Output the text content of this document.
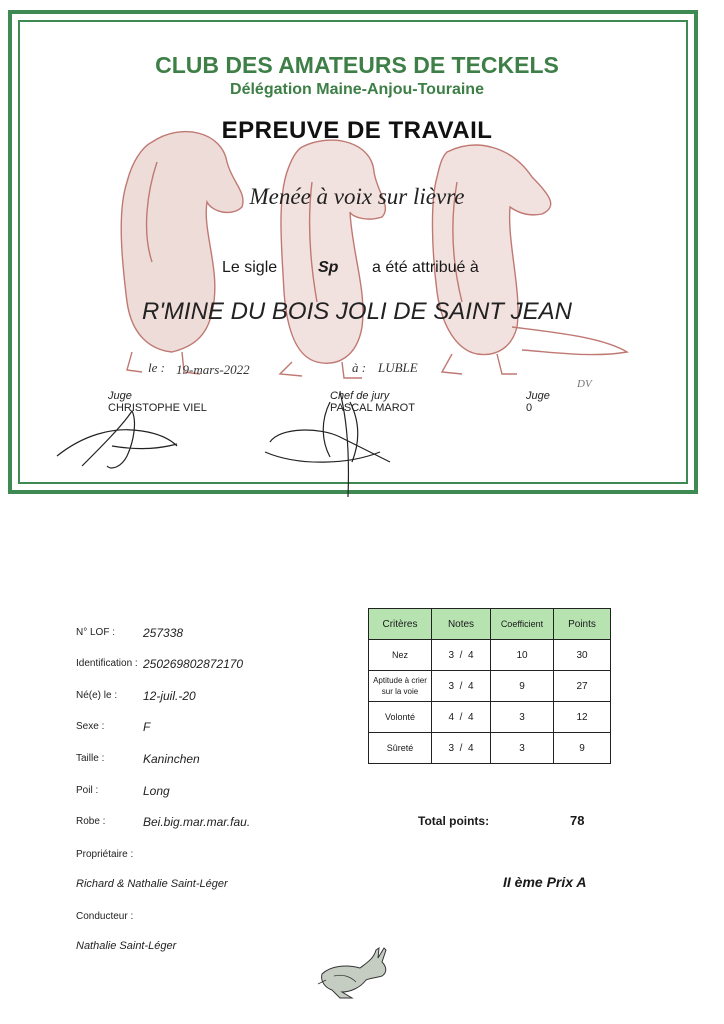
DV
CLUB DES AMATEURS DE TECKELS
Délégation Maine-Anjou-Touraine
EPREUVE DE TRAVAIL
Menée à voix sur lièvre
Le sigle	Sp a été attribué à
R'MINE DU BOIS JOLI DE SAINT JEAN
le : 19-mars-2022	à : LUBLE
Juge
CHRISTOPHE VIEL
Chef de jury
PASCAL MAROT
Juge
0
N° LOF : 257338
Identification : 250269802872170
Né(e) le : 12-juil.-20
Sexe :	F
Taille :	Kaninchen
Poil :	Long
Robe :	Bei.big.mar.mar.fau.
Propriétaire :
Richard & Nathalie Saint-Léger
Conducteur :
Nathalie Saint-Léger
Critères	Notes	Coefficient	Points
Nez	3  /  4	10	30
Aptitude à crier sur la voie	3  /  4	9	27
Volonté	4  /  4	3	12
Sûreté	3  /  4	3	9
Total points:	78
II ème Prix A
